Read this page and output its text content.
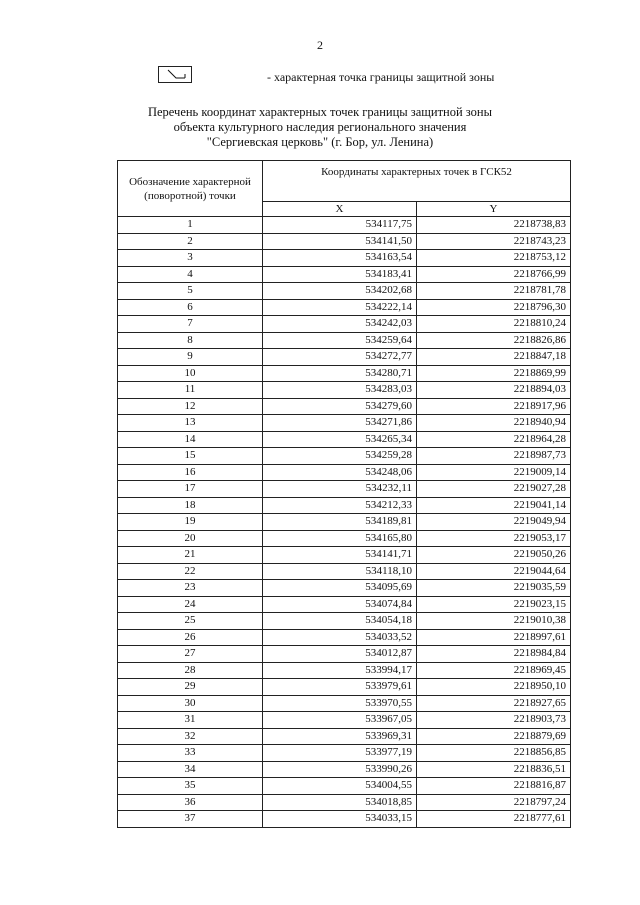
2
- характерная точка границы защитной зоны
Перечень координат характерных точек границы защитной зоны
объекта культурного наследия регионального значения
"Сергиевская церковь" (г. Бор, ул. Ленина)
Обозначение характерной (поворотной) точки	Координаты характерных точек в ГСК52	
	X	Y
1	534117,75	2218738,83
2	534141,50	2218743,23
3	534163,54	2218753,12
4	534183,41	2218766,99
5	534202,68	2218781,78
6	534222,14	2218796,30
7	534242,03	2218810,24
8	534259,64	2218826,86
9	534272,77	2218847,18
10	534280,71	2218869,99
11	534283,03	2218894,03
12	534279,60	2218917,96
13	534271,86	2218940,94
14	534265,34	2218964,28
15	534259,28	2218987,73
16	534248,06	2219009,14
17	534232,11	2219027,28
18	534212,33	2219041,14
19	534189,81	2219049,94
20	534165,80	2219053,17
21	534141,71	2219050,26
22	534118,10	2219044,64
23	534095,69	2219035,59
24	534074,84	2219023,15
25	534054,18	2219010,38
26	534033,52	2218997,61
27	534012,87	2218984,84
28	533994,17	2218969,45
29	533979,61	2218950,10
30	533970,55	2218927,65
31	533967,05	2218903,73
32	533969,31	2218879,69
33	533977,19	2218856,85
34	533990,26	2218836,51
35	534004,55	2218816,87
36	534018,85	2218797,24
37	534033,15	2218777,61
